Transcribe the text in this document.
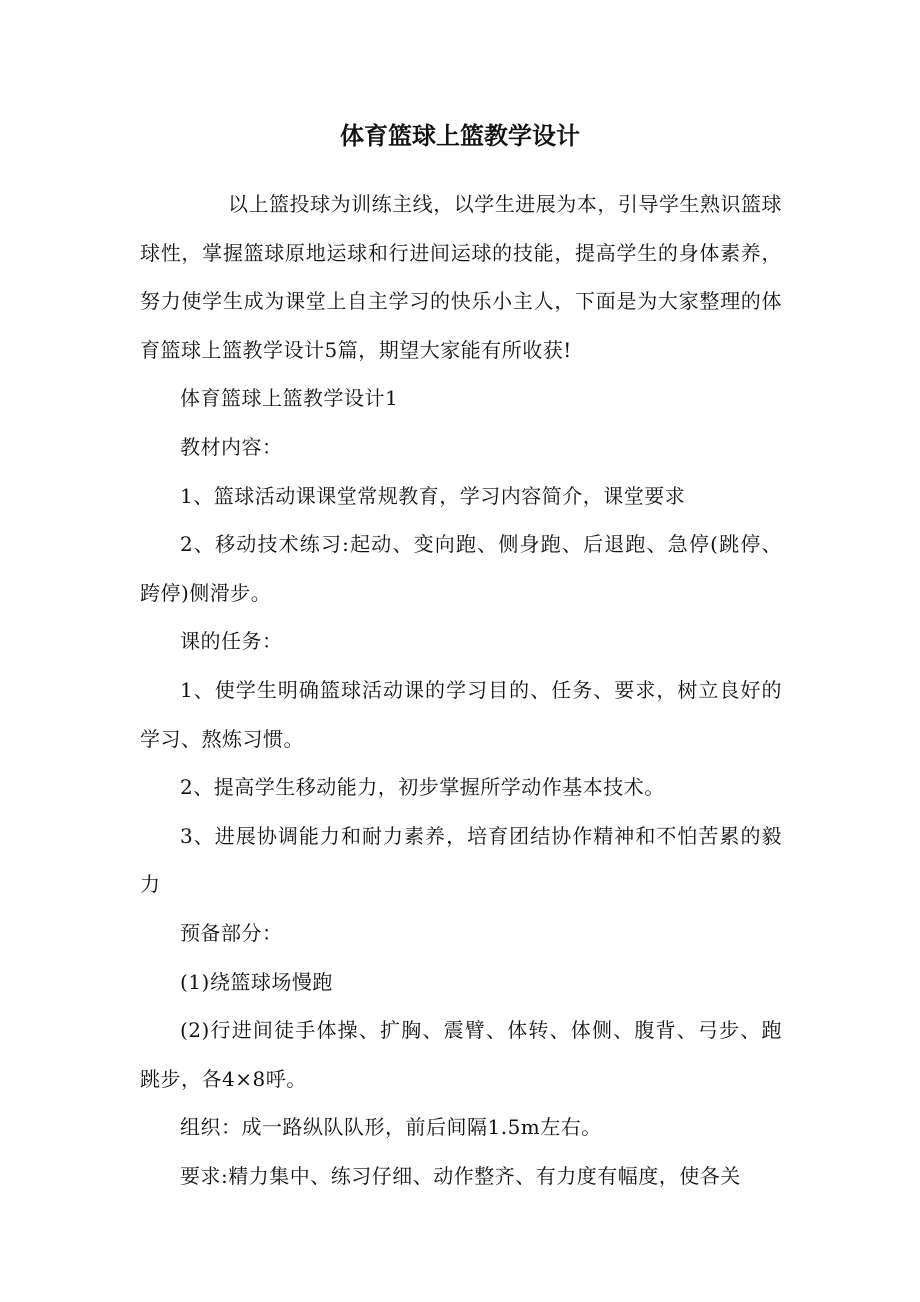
体育篮球上篮教学设计

以上篮投球为训练主线，以学生进展为本，引导学生熟识篮球球性，掌握篮球原地运球和行进间运球的技能，提高学生的身体素养，努力使学生成为课堂上自主学习的快乐小主人，下面是为大家整理的体育篮球上篮教学设计5篇，期望大家能有所收获!

体育篮球上篮教学设计1

教材内容：

1、篮球活动课课堂常规教育，学习内容简介，课堂要求

2、移动技术练习:起动、变向跑、侧身跑、后退跑、急停(跳停、跨停)侧滑步。

课的任务：

1、使学生明确篮球活动课的学习目的、任务、要求，树立良好的学习、熬炼习惯。

2、提高学生移动能力，初步掌握所学动作基本技术。

3、进展协调能力和耐力素养，培育团结协作精神和不怕苦累的毅力

预备部分：

(1)绕篮球场慢跑

(2)行进间徒手体操、扩胸、震臂、体转、体侧、腹背、弓步、跑跳步，各4×8呼。

组织：成一路纵队队形，前后间隔1.5m左右。

要求:精力集中、练习仔细、动作整齐、有力度有幅度，使各关
